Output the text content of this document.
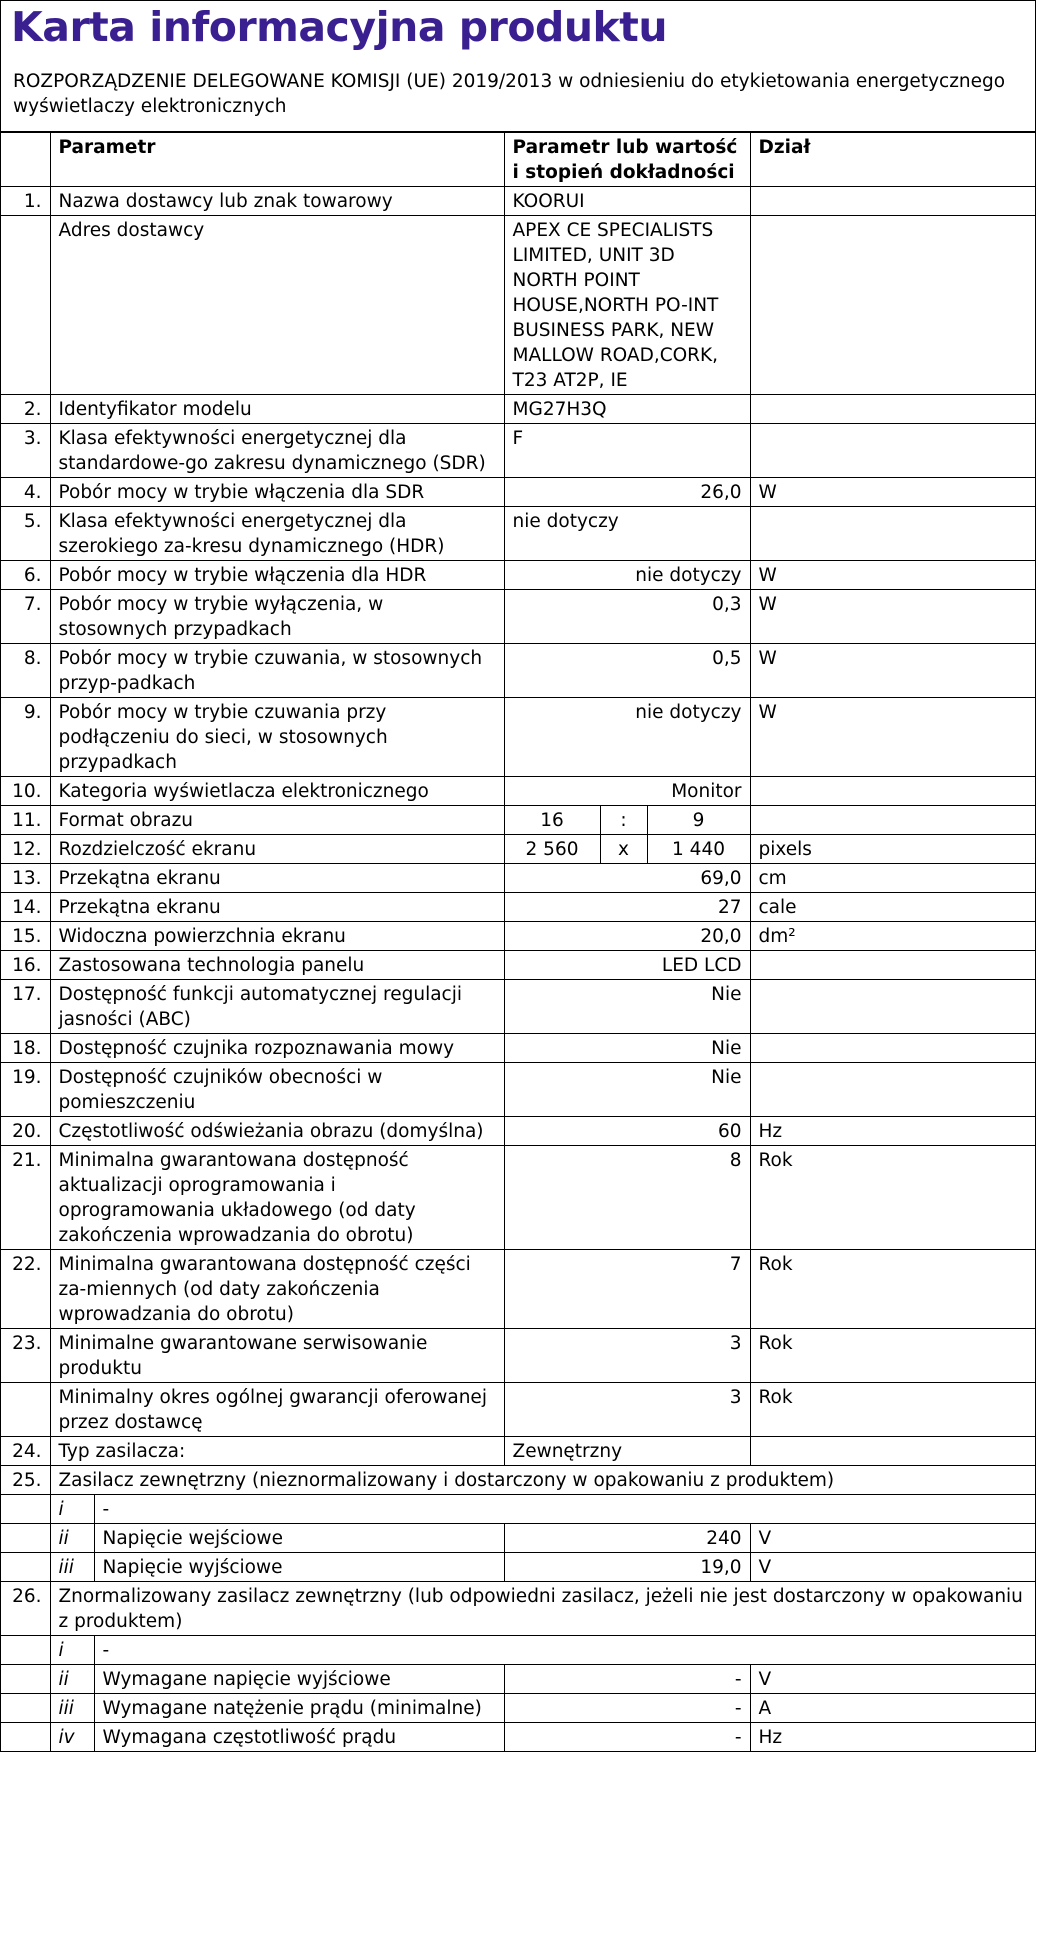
Karta informacyjna produktu
ROZPORZĄDZENIE DELEGOWANE KOMISJI (UE) 2019/2013 w odniesieniu do etykietowania energetycznego wyświetlaczy elektronicznych
	Parametr		Parametr lub wartość i stopień dokładności			Dział
1.	Nazwa dostawcy lub znak towarowy		KOORUI			
	Adres dostawcy		APEX CE SPECIALISTS LIMITED, UNIT 3D NORTH POINT HOUSE,NORTH PO-INT BUSINESS PARK, NEW MALLOW ROAD,CORK, T23 AT2P, IE			
2.	Identyfikator modelu		MG27H3Q			
3.	Klasa efektywności energetycznej dla standardowe-go zakresu dynamicznego (SDR)		F			
4.	Pobór mocy w trybie włączenia dla SDR		26,0			W
5.	Klasa efektywności energetycznej dla szerokiego za-kresu dynamicznego (HDR)		nie dotyczy			
6.	Pobór mocy w trybie włączenia dla HDR		nie dotyczy			W
7.	Pobór mocy w trybie wyłączenia, w stosownych przypadkach		0,3			W
8.	Pobór mocy w trybie czuwania, w stosownych przyp-padkach		0,5			W
9.	Pobór mocy w trybie czuwania przy podłączeniu do sieci, w stosownych przypadkach		nie dotyczy			W
10.	Kategoria wyświetlacza elektronicznego		Monitor			
11.	Format obrazu		16	:	9	
12.	Rozdzielczość ekranu		2 560	x	1 440	pixels
13.	Przekątna ekranu		69,0			cm
14.	Przekątna ekranu		27			cale
15.	Widoczna powierzchnia ekranu		20,0			dm²
16.	Zastosowana technologia panelu		LED LCD			
17.	Dostępność funkcji automatycznej regulacji jasności (ABC)		Nie			
18.	Dostępność czujnika rozpoznawania mowy		Nie			
19.	Dostępność czujników obecności w pomieszczeniu		Nie			
20.	Częstotliwość odświeżania obrazu (domyślna)		60			Hz
21.	Minimalna gwarantowana dostępność aktualizacji oprogramowania i oprogramowania układowego (od daty zakończenia wprowadzania do obrotu)		8			Rok
22.	Minimalna gwarantowana dostępność części za-miennych (od daty zakończenia wprowadzania do obrotu)		7			Rok
23.	Minimalne gwarantowane serwisowanie produktu		3			Rok
	Minimalny okres ogólnej gwarancji oferowanej przez dostawcę		3			Rok
24.	Typ zasilacza:		Zewnętrzny			
25.	Zasilacz zewnętrzny (nieznormalizowany i dostarczony w opakowaniu z produktem)					
	i	-				
	ii	Napięcie wejściowe	240			V
	iii	Napięcie wyjściowe	19,0			V
26.	Znormalizowany zasilacz zewnętrzny (lub odpowiedni zasilacz, jeżeli nie jest dostarczony w opakowaniu z produktem)					
	i	-				
	ii	Wymagane napięcie wyjściowe	-			V
	iii	Wymagane natężenie prądu (minimalne)	-			A
	iv	Wymagana częstotliwość prądu	-			Hz
